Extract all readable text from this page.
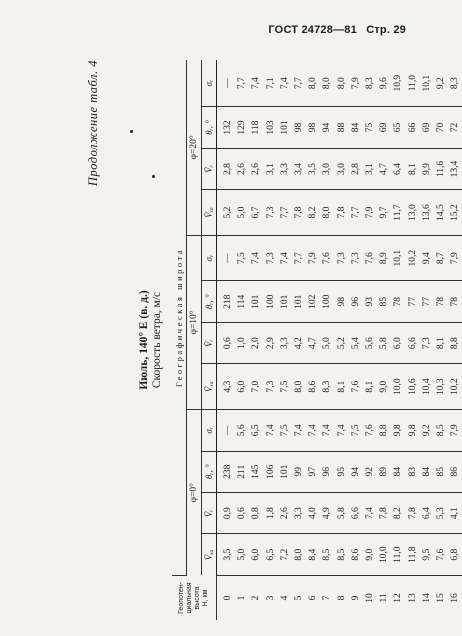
ГОСТ 24728—81 Стр. 29
Продолжение табл. 4
Июль, 140° Е (в. д.) Скорость ветра, м/с
Геопотен- циальная высота H, км	Географическая широта											
	φ=0°				φ=10°				φ=20°			
	V̄ₓₐ	V̄ᵣ	θᵣ, °	σᵣ	V̄ₓₐ	V̄ᵣ	θᵣ, °	σᵣ	V̄ₓₐ	V̄ᵣ	θᵣ, °	σᵣ
0	3,5	0,9	238	—	4,3	0,6	218	—	5,2	2,8	132	—
1	5,0	0,6	211	5,6	6,0	1,0	114	7,5	5,0	2,6	129	7,7
2	6,0	0,8	145	6,5	7,0	2,0	101	7,4	6,7	2,6	118	7,4
3	6,5	1,8	106	7,4	7,3	2,9	100	7,3	7,3	3,1	103	7,1
4	7,2	2,6	101	7,5	7,5	3,3	101	7,4	7,7	3,3	101	7,4
5	8,0	3,3	99	7,4	8,0	4,2	101	7,7	7,8	3,4	98	7,7
6	8,4	4,0	97	7,4	8,6	4,7	102	7,9	8,2	3,5	98	8,0
7	8,5	4,9	96	7,4	8,3	5,0	100	7,6	8,0	3,0	94	8,0
8	8,5	5,8	95	7,4	8,1	5,2	98	7,3	7,8	3,0	88	8,0
9	8,6	6,6	94	7,5	7,6	5,4	96	7,3	7,7	2,8	84	7,9
10	9,0	7,4	92	7,6	8,1	5,6	93	7,6	7,9	3,1	75	8,3
11	10,0	7,8	89	8,8	9,0	5,8	85	8,9	9,7	4,7	69	9,6
12	11,0	8,2	84	9,8	10,0	6,0	78	10,1	11,7	6,4	65	10,9
13	11,8	7,8	83	9,8	10,6	6,6	77	10,2	13,0	8,1	66	11,0
14	9,5	6,4	84	9,2	10,4	7,3	77	9,4	13,6	9,9	69	10,1
15	7,6	5,3	85	8,5	10,3	8,1	78	8,7	14,5	11,6	70	9,2
16	6,8	4,1	86	7,9	10,2	8,8	78	7,9	15,2	13,4	72	8,3
